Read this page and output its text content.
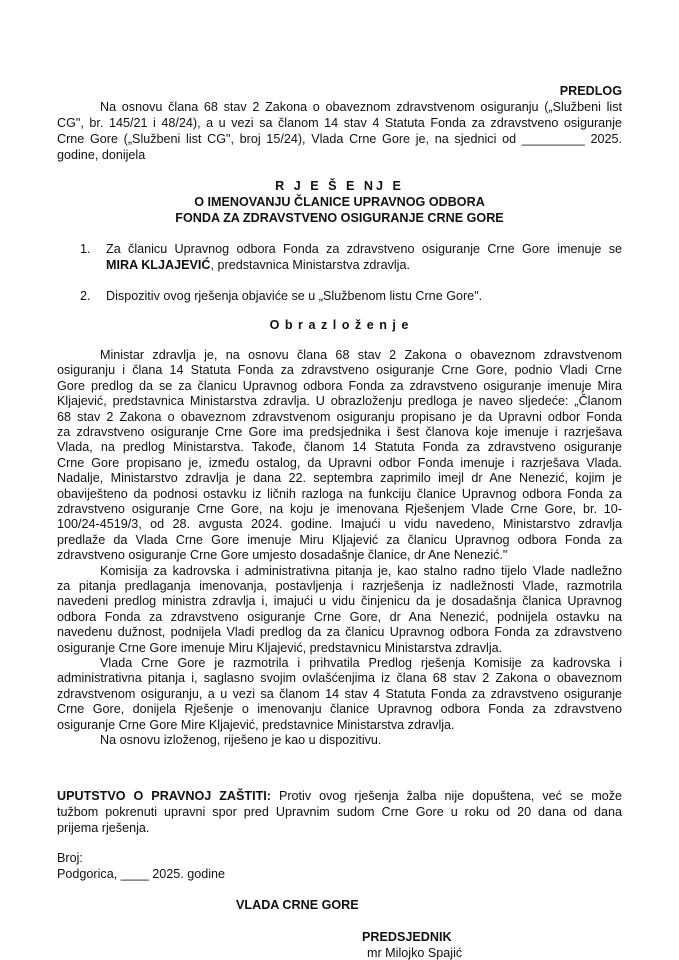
PREDLOG
Na osnovu člana 68 stav 2 Zakona o obaveznom zdravstvenom osiguranju („Službeni list
CG", br. 145/21 i 48/24), a u vezi sa članom 14 stav 4 Statuta Fonda za zdravstveno osiguranje
Crne Gore („Službeni list CG", broj 15/24), Vlada Crne Gore je, na sjednici od _________ 2025.
godine, donijela
R J E Š E NJ E
O IMENOVANJU ČLANICE UPRAVNOG ODBORA
FONDA ZA ZDRAVSTVENO OSIGURANJE CRNE GORE
1. Za članicu Upravnog odbora Fonda za zdravstveno osiguranje Crne Gore imenuje se
MIRA KLJAJEVIĆ, predstavnica Ministarstva zdravlja.
2. Dispozitiv ovog rješenja objaviće se u „Službenom listu Crne Gore".
O b r a z l o ž e n j e
Ministar zdravlja je, na osnovu člana 68 stav 2 Zakona o obaveznom zdravstvenom
osiguranju i člana 14 Statuta Fonda za zdravstveno osiguranje Crne Gore, podnio Vladi Crne
Gore predlog da se za članicu Upravnog odbora Fonda za zdravstveno osiguranje imenuje Mira
Kljajević, predstavnica Ministarstva zdravlja. U obrazloženju predloga je naveo sljedeće: „Članom
68 stav 2 Zakona o obaveznom zdravstvenom osiguranju propisano je da Upravni odbor Fonda
za zdravstveno osiguranje Crne Gore ima predsjednika i šest članova koje imenuje i razrješava
Vlada, na predlog Ministarstva. Takođe, članom 14 Statuta Fonda za zdravstveno osiguranje
Crne Gore propisano je, između ostalog, da Upravni odbor Fonda imenuje i razrješava Vlada.
Nadalje, Ministarstvo zdravlja je dana 22. septembra zaprimilo imejl dr Ane Nenezić, kojim je
obaviješteno da podnosi ostavku iz ličnih razloga na funkciju članice Upravnog odbora Fonda za
zdravstveno osiguranje Crne Gore, na koju je imenovana Rješenjem Vlade Crne Gore, br. 10-
100/24-4519/3, od 28. avgusta 2024. godine. Imajući u vidu navedeno, Ministarstvo zdravlja
predlaže da Vlada Crne Gore imenuje Miru Kljajević za članicu Upravnog odbora Fonda za
zdravstveno osiguranje Crne Gore umjesto dosadašnje članice, dr Ane Nenezić."
Komisija za kadrovska i administrativna pitanja je, kao stalno radno tijelo Vlade nadležno
za pitanja predlaganja imenovanja, postavljenja i razrješenja iz nadležnosti Vlade, razmotrila
navedeni predlog ministra zdravlja i, imajući u vidu činjenicu da je dosadašnja članica Upravnog
odbora Fonda za zdravstveno osiguranje Crne Gore, dr Ana Nenezić, podnijela ostavku na
navedenu dužnost, podnijela Vladi predlog da za članicu Upravnog odbora Fonda za zdravstveno
osiguranje Crne Gore imenuje Miru Kljajević, predstavnicu Ministarstva zdravlja.
Vlada Crne Gore je razmotrila i prihvatila Predlog rješenja Komisije za kadrovska i
administrativna pitanja i, saglasno svojim ovlašćenjima iz člana 68 stav 2 Zakona o obaveznom
zdravstvenom osiguranju, a u vezi sa članom 14 stav 4 Statuta Fonda za zdravstveno osiguranje
Crne Gore, donijela Rješenje o imenovanju članice Upravnog odbora Fonda za zdravstveno
osiguranje Crne Gore Mire Kljajević, predstavnice Ministarstva zdravlja.
Na osnovu izloženog, riješeno je kao u dispozitivu.
UPUTSTVO O PRAVNOJ ZAŠTITI: Protiv ovog rješenja žalba nije dopuštena, već se može
tužbom pokrenuti upravni spor pred Upravnim sudom Crne Gore u roku od 20 dana od dana
prijema rješenja.
Broj:
Podgorica, ____ 2025. godine
VLADA CRNE GORE
PREDSJEDNIK
mr Milojko Spajić
